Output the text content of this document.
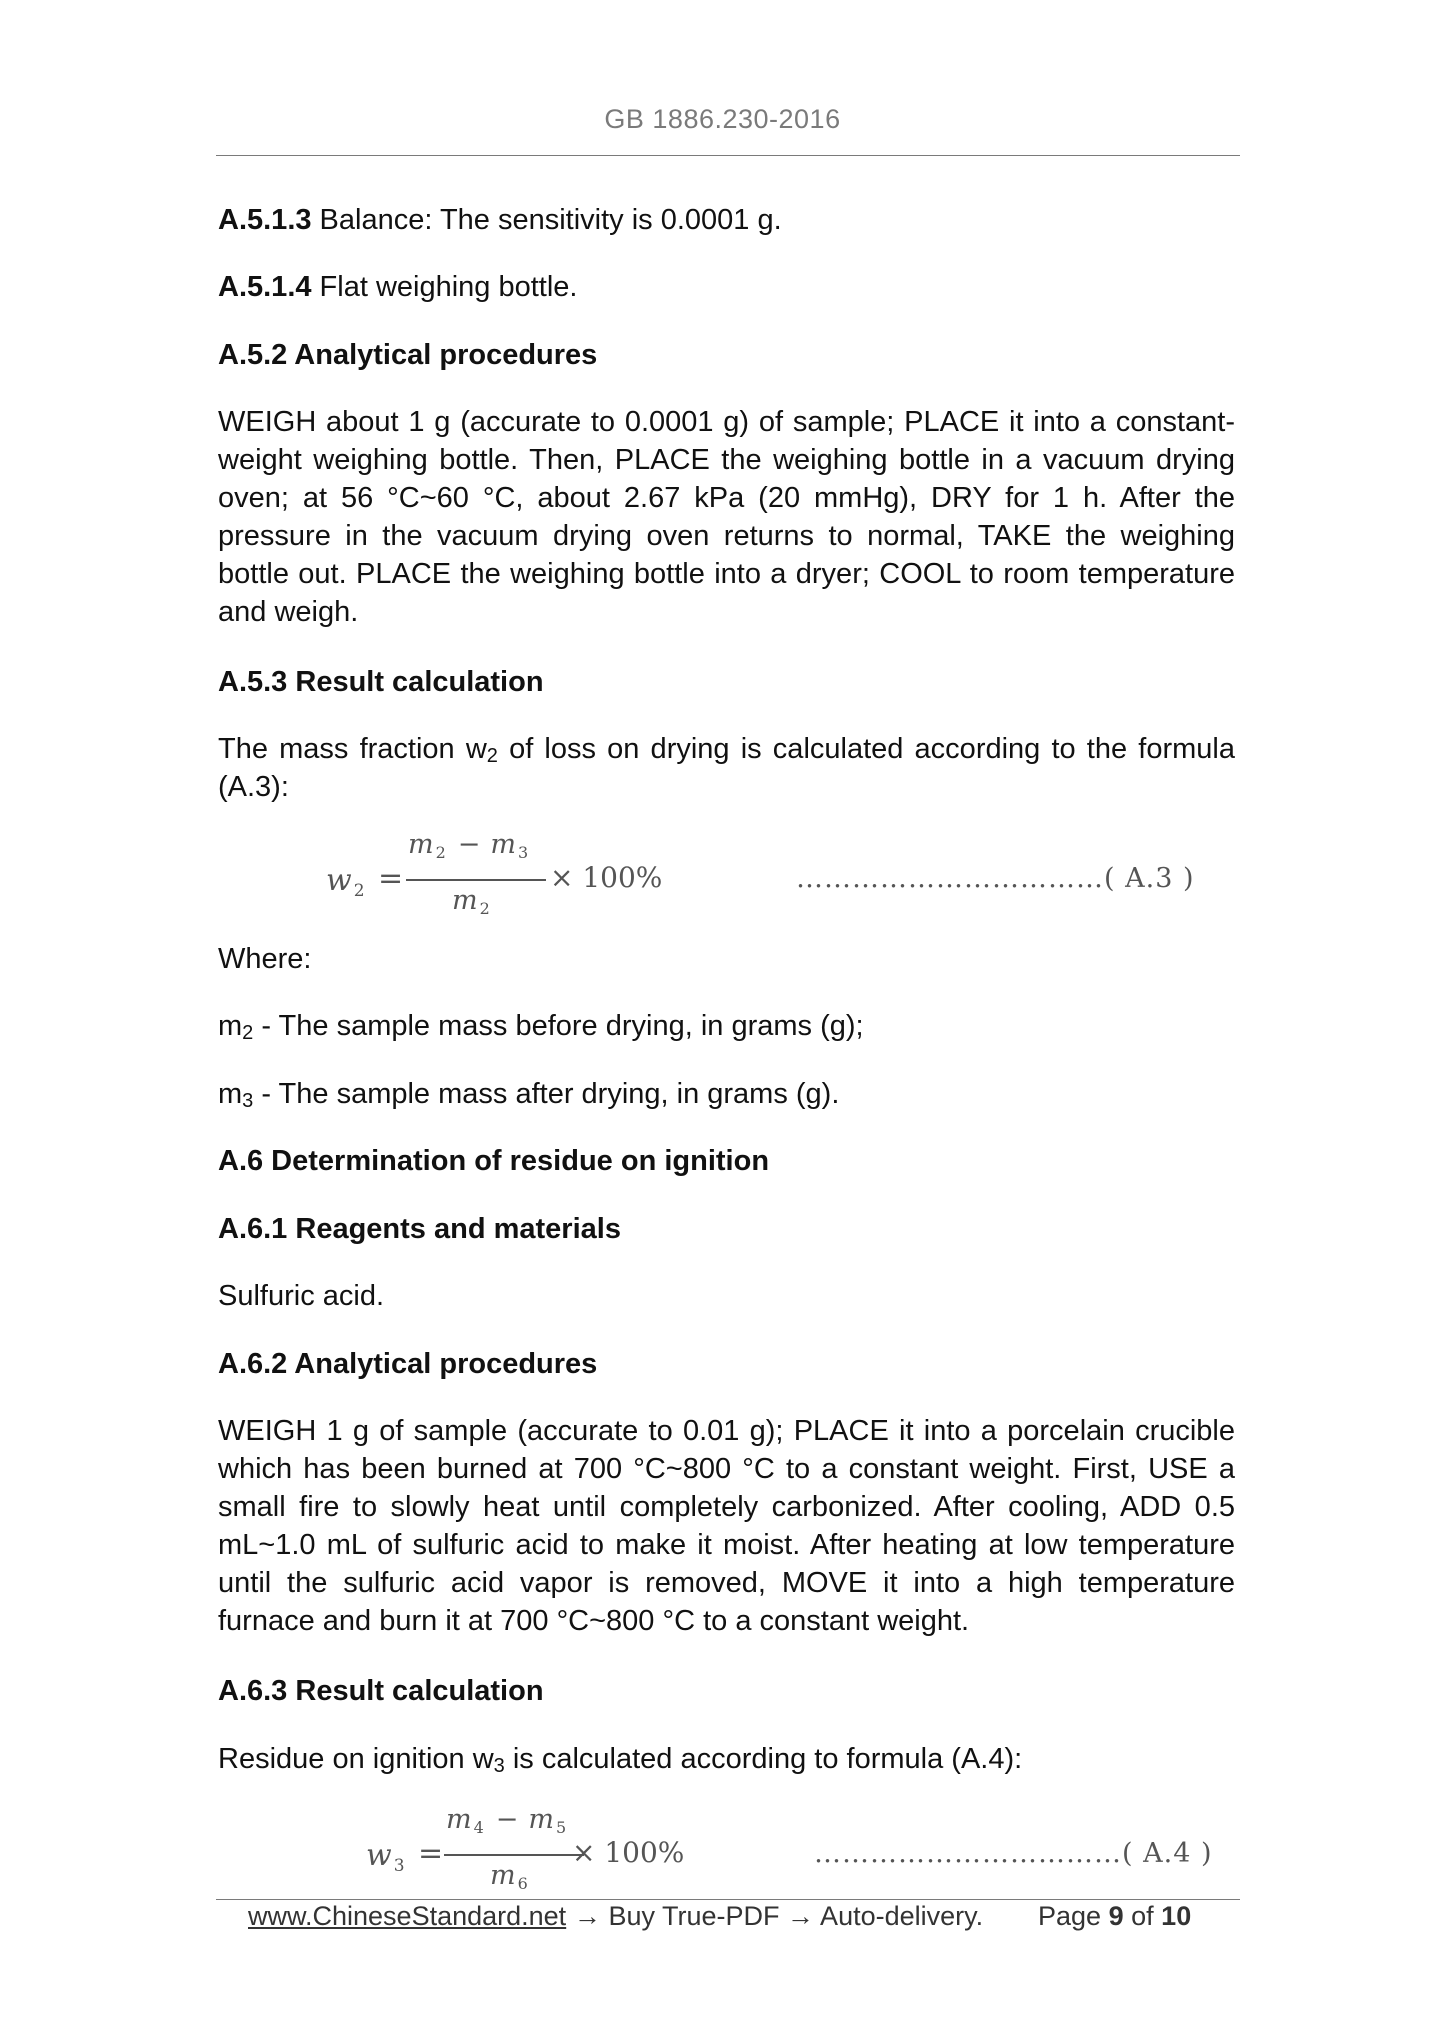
GB 1886.230-2016
A.5.1.3 Balance: The sensitivity is 0.0001 g.
A.5.1.4 Flat weighing bottle.
A.5.2 Analytical procedures
WEIGH about 1 g (accurate to 0.0001 g) of sample; PLACE it into a constant-weight weighing bottle. Then, PLACE the weighing bottle in a vacuum drying oven; at 56 °C~60 °C, about 2.67 kPa (20 mmHg), DRY for 1 h. After the pressure in the vacuum drying oven returns to normal, TAKE the weighing bottle out. PLACE the weighing bottle into a dryer; COOL to room temperature and weigh.
A.5.3 Result calculation
The mass fraction $w_2$ of loss on drying is calculated according to the formula (A.3):
w $_2$ =
m 2 − m 3
m 2
× 100%	……………………………( A.3 )
Where:
$m_2$ - The sample mass before drying, in grams (g);
$m_3$ - The sample mass after drying, in grams (g).
A.6 Determination of residue on ignition
A.6.1 Reagents and materials
Sulfuric acid.
A.6.2 Analytical procedures
WEIGH 1 g of sample (accurate to 0.01 g); PLACE it into a porcelain crucible which has been burned at 700 °C~800 °C to a constant weight. First, USE a small fire to slowly heat until completely carbonized. After cooling, ADD 0.5 mL~1.0 mL of sulfuric acid to make it moist. After heating at low temperature until the sulfuric acid vapor is removed, MOVE it into a high temperature furnace and burn it at 700 °C~800 °C to a constant weight.
A.6.3 Result calculation
Residue on ignition $w_3$ is calculated according to formula (A.4):
w $_3$ =
m 4 − m 5
m 6
× 100%	……………………………( A.4 )
www.ChineseStandard.net → Buy True-PDF → Auto-delivery. Page 9 of 10
